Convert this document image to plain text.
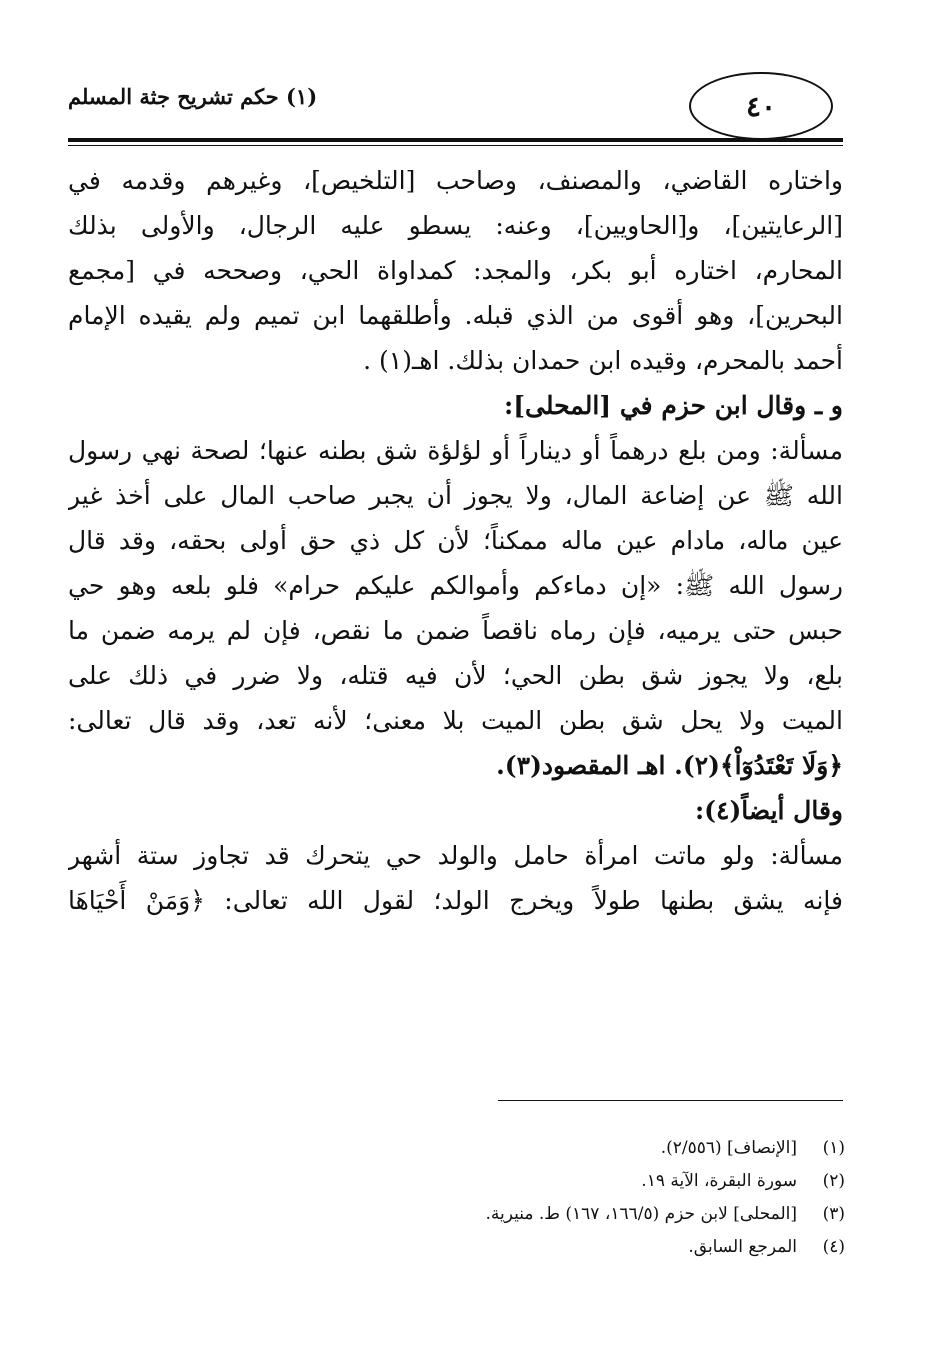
٤٠
(١) حكم تشريح جثة المسلم
واختاره القاضي، والمصنف، وصاحب [التلخيص]، وغيرهم وقدمه في
[الرعايتين]، و[الحاويين]، وعنه: يسطو عليه الرجال، والأولى بذلك
المحارم، اختاره أبو بكر، والمجد: كمداواة الحي، وصححه في [مجمع
البحرين]، وهو أقوى من الذي قبله. وأطلقهما ابن تميم ولم يقيده الإمام
أحمد بالمحرم، وقيده ابن حمدان بذلك. اهـ(١) .
و ـ وقال ابن حزم في [المحلى]:
مسألة: ومن بلع درهماً أو ديناراً أو لؤلؤة شق بطنه عنها؛ لصحة نهي رسول
الله ﷺ عن إضاعة المال، ولا يجوز أن يجبر صاحب المال على أخذ غير
عين ماله، مادام عين ماله ممكناً؛ لأن كل ذي حق أولى بحقه، وقد قال
رسول الله ﷺ: «إن دماءكم وأموالكم عليكم حرام» فلو بلعه وهو حي
حبس حتى يرميه، فإن رماه ناقصاً ضمن ما نقص، فإن لم يرمه ضمن ما
بلع، ولا يجوز شق بطن الحي؛ لأن فيه قتله، ولا ضرر في ذلك على
الميت ولا يحل شق بطن الميت بلا معنى؛ لأنه تعد، وقد قال تعالى:
﴿وَلَا تَعْتَدُوٓاْ﴾(٢). اهـ المقصود(٣).
وقال أيضاً(٤):
مسألة: ولو ماتت امرأة حامل والولد حي يتحرك قد تجاوز ستة أشهر
فإنه يشق بطنها طولاً ويخرج الولد؛ لقول الله تعالى: ﴿وَمَنْ أَحْيَاهَا
(١)
[الإنصاف] (٢/٥٥٦).
(٢)
سورة البقرة، الآية ١٩.
(٣)
[المحلى] لابن حزم (١٦٦/٥، ١٦٧) ط. منيرية.
(٤)
المرجع السابق.
